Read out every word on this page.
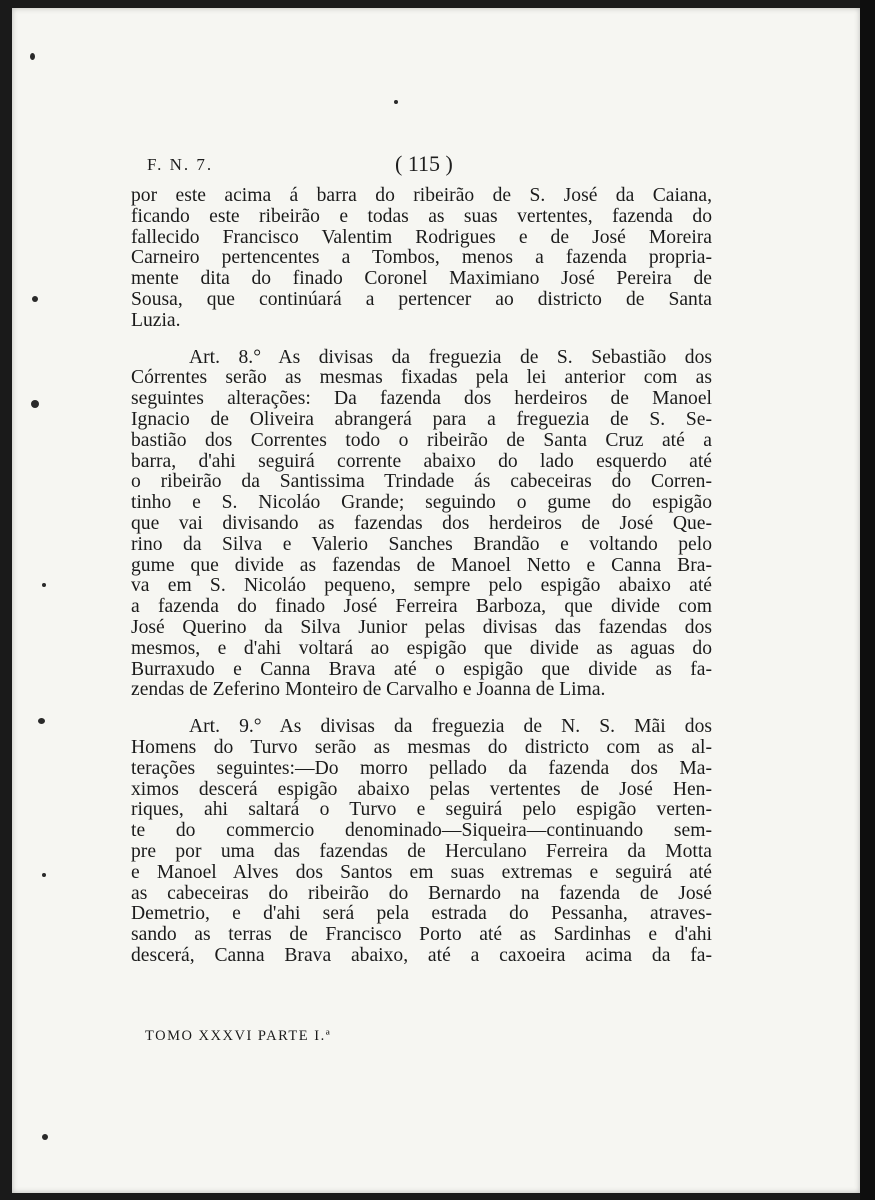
F. N. 7.	( 115 )
por este acima á barra do ribeirão de S. José da Caiana,
ficando este ribeirão e todas as suas vertentes, fazenda do
fallecido Francisco Valentim Rodrigues e de José Moreira
Carneiro pertencentes a Tombos, menos a fazenda propria-
mente dita do finado Coronel Maximiano José Pereira de
Sousa, que continúará a pertencer ao districto de Santa
Luzia.
Art. 8.° As divisas da freguezia de S. Sebastião dos
Córrentes serão as mesmas fixadas pela lei anterior com as
seguintes alterações: Da fazenda dos herdeiros de Manoel
Ignacio de Oliveira abrangerá para a freguezia de S. Se-
bastião dos Correntes todo o ribeirão de Santa Cruz até a
barra, d'ahi seguirá corrente abaixo do lado esquerdo até
o ribeirão da Santissima Trindade ás cabeceiras do Corren-
tinho e S. Nicoláo Grande; seguindo o gume do espigão
que vai divisando as fazendas dos herdeiros de José Que-
rino da Silva e Valerio Sanches Brandão e voltando pelo
gume que divide as fazendas de Manoel Netto e Canna Bra-
va em S. Nicoláo pequeno, sempre pelo espigão abaixo até
a fazenda do finado José Ferreira Barboza, que divide com
José Querino da Silva Junior pelas divisas das fazendas dos
mesmos, e d'ahi voltará ao espigão que divide as aguas do
Burraxudo e Canna Brava até o espigão que divide as fa-
zendas de Zeferino Monteiro de Carvalho e Joanna de Lima.
Art. 9.° As divisas da freguezia de N. S. Mãi dos
Homens do Turvo serão as mesmas do districto com as al-
terações seguintes:—Do morro pellado da fazenda dos Ma-
ximos descerá espigão abaixo pelas vertentes de José Hen-
riques, ahi saltará o Turvo e seguirá pelo espigão verten-
te do commercio denominado—Siqueira—continuando sem-
pre por uma das fazendas de Herculano Ferreira da Motta
e Manoel Alves dos Santos em suas extremas e seguirá até
as cabeceiras do ribeirão do Bernardo na fazenda de José
Demetrio, e d'ahi será pela estrada do Pessanha, atraves-
sando as terras de Francisco Porto até as Sardinhas e d'ahi
descerá, Canna Brava abaixo, até a caxoeira acima da fa-
TOMO XXXVI PARTE I.ª
